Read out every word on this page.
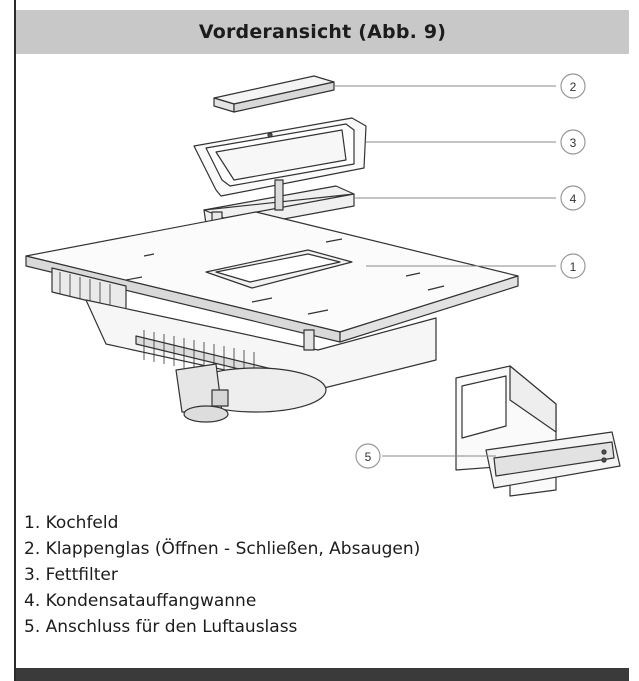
Vorderansicht (Abb. 9)
2
3
4
1
5
1. Kochfeld
2. Klappenglas (Öffnen - Schließen, Absaugen)
3. Fettfilter
4. Kondensatauffangwanne
5. Anschluss für den Luftauslass
